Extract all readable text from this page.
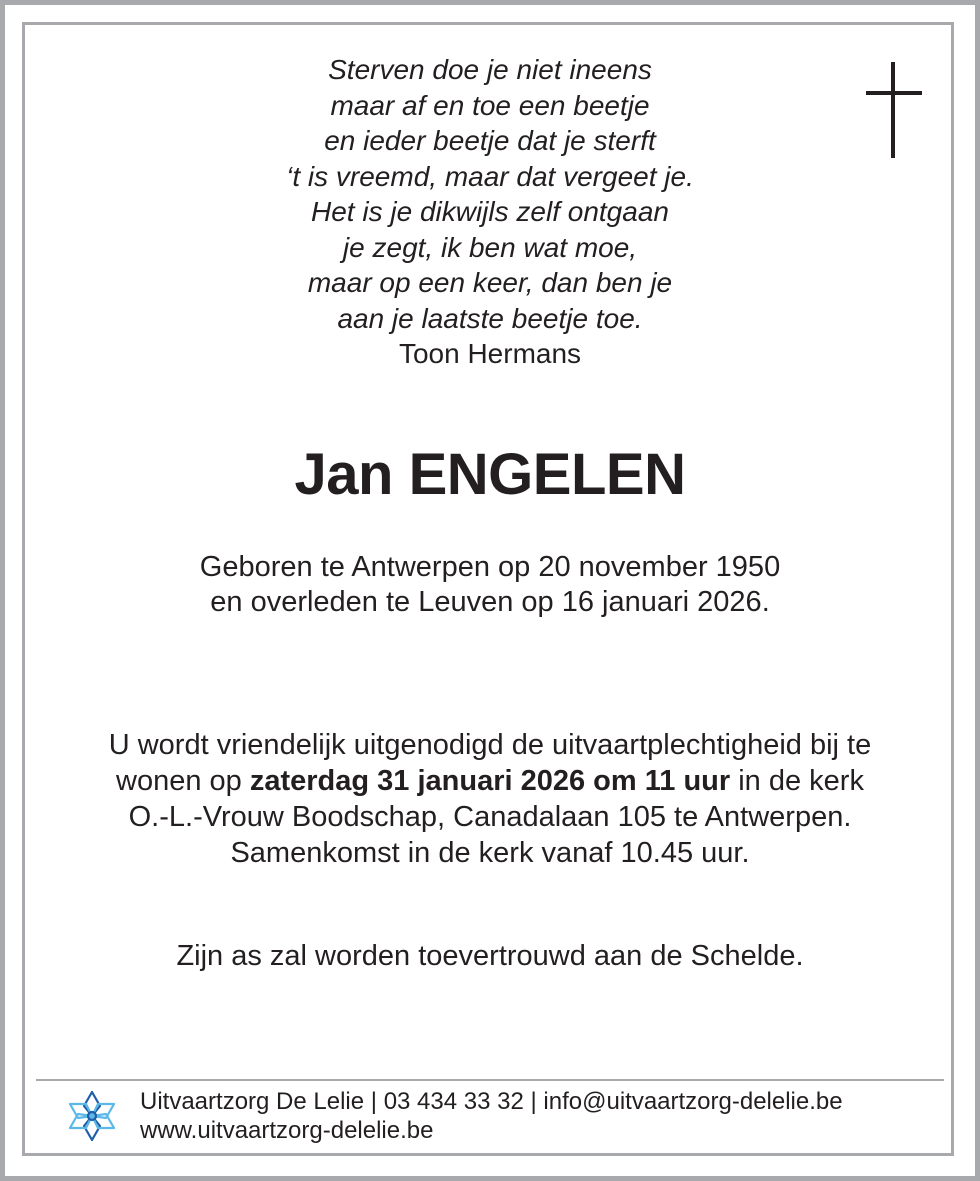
Sterven doe je niet ineens
maar af en toe een beetje
en ieder beetje dat je sterft
‘t is vreemd, maar dat vergeet je.
Het is je dikwijls zelf ontgaan
je zegt, ik ben wat moe,
maar op een keer, dan ben je
aan je laatste beetje toe.
Toon Hermans
Jan ENGELEN
Geboren te Antwerpen op 20 november 1950
en overleden te Leuven op 16 januari 2026.
U wordt vriendelijk uitgenodigd de uitvaartplechtigheid bij te
wonen op zaterdag 31 januari 2026 om 11 uur in de kerk
O.-L.-Vrouw Boodschap, Canadalaan 105 te Antwerpen.
Samenkomst in de kerk vanaf 10.45 uur.
Zijn as zal worden toevertrouwd aan de Schelde.
Uitvaartzorg De Lelie | 03 434 33 32 | info@uitvaartzorg-delelie.be
www.uitvaartzorg-delelie.be
